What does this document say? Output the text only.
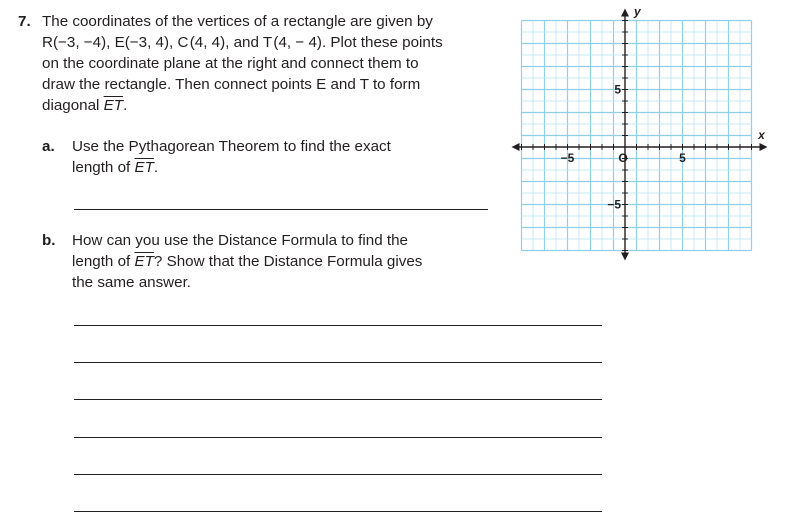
7. The coordinates of the vertices of a rectangle are given by
R(−3, −4), E(−3, 4), C (4, 4), and T (4, − 4). Plot these points
on the coordinate plane at the right and connect them to
draw the rectangle. Then connect points E and T to form
diagonal $\overline{ET}$.
a. Use the Pythagorean Theorem to find the exact
length of $\overline{ET}$.
b. How can you use the Distance Formula to find the
length of $\overline{ET}$? Show that the Distance Formula gives
the same answer.
x
y
O
−5	5
5
−5
